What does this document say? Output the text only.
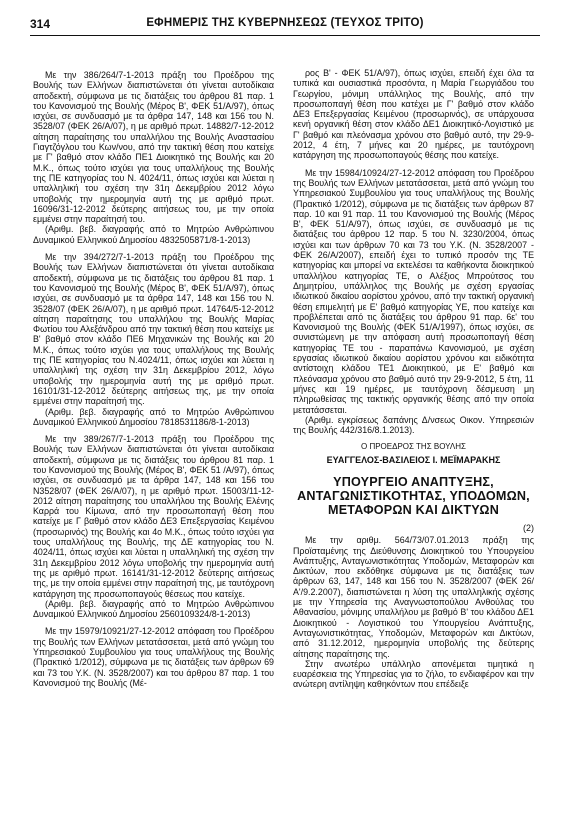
314	ΕΦΗΜΕΡΙΣ ΤΗΣ ΚΥΒΕΡΝΗΣΕΩΣ (ΤΕΥΧΟΣ ΤΡΙΤΟ)

Με την 386/264/7-1-2013 πράξη του Προέδρου της Βουλής των Ελλήνων διαπιστώνεται ότι γίνεται αυτοδίκαια αποδεκτή, σύμφωνα με τις διατάξεις του άρθρου 81 παρ. 1 του Κανονισμού της Βουλής (Μέρος Β', ΦΕΚ 51/Α/97), όπως ισχύει, σε συνδυασμό με τα άρθρα 147, 148 και 156 του Ν. 3528/07 (ΦΕΚ 26/Α/07), η με αριθμό πρωτ. 14882/7-12-2012 αίτηση παραίτησης του υπαλλήλου της Βουλής Αναστασίου Γιαγτζόγλου του Κων/νου, από την τακτική θέση που κατείχε με Γ' βαθμό στον κλάδο ΠΕ1 Διοικητικό της Βουλής και 20 Μ.Κ., όπως τούτο ισχύει για τους υπαλλήλους της Βουλής της ΠΕ κατηγορίας του Ν. 4024/11, όπως ισχύει και λύεται η υπαλληλική του σχέση την 31η Δεκεμβρίου 2012 λόγω υποβολής την ημερομηνία αυτή της με αριθμό πρωτ. 16096/31-12-2012 δεύτερης αιτήσεως του, με την οποία εμμένει στην παραίτησή του.

(Αριθμ. βεβ. διαγραφής από το Μητρώο Ανθρώπινου Δυναμικού Ελληνικού Δημοσίου 4832505871/8-1-2013)

Με την 394/272/7-1-2013 πράξη του Προέδρου της Βουλής των Ελλήνων διαπιστώνεται ότι γίνεται αυτοδίκαια αποδεκτή, σύμφωνα με τις διατάξεις του άρθρου 81 παρ. 1 του Κανονισμού της Βουλής (Μέρος Β', ΦΕΚ 51/Α/97), όπως ισχύει, σε συνδυασμό με τα άρθρα 147, 148 και 156 του Ν. 3528/07 (ΦΕΚ 26/Α/07), η με αριθμό πρωτ. 14764/5-12-2012 αίτηση παραίτησης του υπαλλήλου της Βουλής Μαρίας Φωτίου του Αλεξάνδρου από την τακτική θέση που κατείχε με Β' βαθμό στον κλάδο ΠΕ6 Μηχανικών της Βουλής και 20 Μ.Κ., όπως τούτο ισχύει για τους υπαλλήλους της Βουλής της ΠΕ κατηγορίας του Ν.4024/11, όπως ισχύει και λύεται η υπαλληλική της σχέση την 31η Δεκεμβρίου 2012, λόγω υποβολής την ημερομηνία αυτή της με αριθμό πρωτ. 16101/31-12-2012 δεύτερης αιτήσεως της, με την οποία εμμένει στην παραίτησή της.

(Αριθμ. βεβ. διαγραφής από το Μητρώο Ανθρώπινου Δυναμικού Ελληνικού Δημοσίου 7818531186/8-1-2013)

Με την 389/267/7-1-2013 πράξη του Προέδρου της Βουλής των Ελλήνων διαπιστώνεται ότι γίνεται αυτοδίκαια αποδεκτή, σύμφωνα με τις διατάξεις του άρθρου 81 παρ. 1 του Κανονισμού της Βουλής (Μέρος Β', ΦΕΚ 51 /Α/97), όπως ισχύει, σε συνδυασμό με τα άρθρα 147, 148 και 156 του Ν3528/07 (ΦΕΚ 26/Α/07), η με αριθμό πρωτ. 15003/11-12-2012 αίτηση παραίτησης του υπαλλήλου της Βουλής Ελένης Καρρά του Κίμωνα, από την προσωποπαγή θέση που κατείχε με Γ βαθμό στον κλάδο ΔΕ3 Επεξεργασίας Κειμένου (προσωρινός) της Βουλής και 4ο Μ.Κ., όπως τούτο ισχύει για τους υπαλλήλους της Βουλής, της ΔΕ κατηγορίας του Ν. 4024/11, όπως ισχύει και λύεται η υπαλληλική της σχέση την 31η Δεκεμβρίου 2012 λόγω υποβολής την ημερομηνία αυτή της με αριθμό πρωτ. 16141/31-12-2012 δεύτερης αιτήσεως της, με την οποία εμμένει στην παραίτησή της, με ταυτόχρονη κατάργηση της προσωποπαγούς θέσεως που κατείχε.

(Αριθμ. βεβ. διαγραφής από το Μητρώο Ανθρώπινου Δυναμικού Ελληνικού Δημοσίου 2560109324/8-1-2013)

Με την 15979/10921/27-12-2012 απόφαση του Προέδρου της Βουλής των Ελλήνων μετατάσσεται, μετά από γνώμη του Υπηρεσιακού Συμβουλίου για τους υπαλλήλους της Βουλής (Πρακτικό 1/2012), σύμφωνα με τις διατάξεις των άρθρων 69 και 73 του Υ.Κ. (Ν. 3528/2007) και του άρθρου 87 παρ. 1 του Κανονισμού της Βουλής (Μέ-

ρος Β' - ΦΕΚ 51/Α/97), όπως ισχύει, επειδή έχει όλα τα τυπικά και ουσιαστικά προσόντα, η Μαρία Γεωργιάδου του Γεωργίου, μόνιμη υπάλληλος της Βουλής, από την προσωποπαγή θέση που κατέχει με Γ' βαθμό στον κλάδο ΔΕ3 Επεξεργασίας Κειμένου (προσωρινός), σε υπάρχουσα κενή οργανική θέση στον κλάδο ΔΕ1 Διοικητικό-Λογιστικό με Γ' βαθμό και πλεόνασμα χρόνου στο βαθμό αυτό, την 29-9-2012, 4 έτη, 7 μήνες και 20 ημέρες, με ταυτόχρονη κατάργηση της προσωποπαγούς θέσης που κατείχε.

Με την 15984/10924/27-12-2012 απόφαση του Προέδρου της Βουλής των Ελλήνων μετατάσσεται, μετά από γνώμη του Υπηρεσιακού Συμβουλίου για τους υπαλλήλους της Βουλής (Πρακτικό 1/2012), σύμφωνα με τις διατάξεις των άρθρων 87 παρ. 10 και 91 παρ. 11 του Κανονισμού της Βουλής (Μέρος Β', ΦΕΚ 51/Α/97), όπως ισχύει, σε συνδυασμό με τις διατάξεις του άρθρου 12 παρ. 5 του Ν. 3230/2004, όπως ισχύει και των άρθρων 70 και 73 του Υ.Κ. (Ν. 3528/2007 - ΦΕΚ 26/Α/2007), επειδή έχει το τυπικό προσόν της ΤΕ κατηγορίας και μπορεί να εκτελέσει τα καθήκοντα διοικητικού υπαλλήλου κατηγορίας ΤΕ, ο Αλέξιος Μπρούτσος του Δημητρίου, υπάλληλος της Βουλής με σχέση εργασίας ιδιωτικού δικαίου αορίστου χρόνου, από την τακτική οργανική θέση επιμελητή με Ε' βαθμό κατηγορίας ΥΕ, που κατείχε και προβλέπεται από τις διατάξεις του άρθρου 91 παρ. 6ε' του Κανονισμού της Βουλής (ΦΕΚ 51/Α/1997), όπως ισχύει, σε συνιστώμενη με την απόφαση αυτή προσωποπαγή θέση κατηγορίας ΤΕ του - παραπάνω Κανονισμού, με σχέση εργασίας ιδιωτικού δικαίου αορίστου χρόνου και ειδικότητα αντίστοιχη κλάδου ΤΕ1 Διοικητικού, με Ε' βαθμό και πλεόνασμα χρόνου στο βαθμό αυτό την 29-9-2012, 5 έτη, 11 μήνες και 19 ημέρες, με ταυτόχρονη δέσμευση μη πληρωθείσας της τακτικής οργανικής θέσης από την οποία μετατάσσεται.

(Αριθμ. εγκρίσεως δαπάνης Δ/νσεως Οικον. Υπηρεσιών της Βουλής 442/316/8.1.2013).

Ο ΠΡΟΕΔΡΟΣ ΤΗΣ ΒΟΥΛΗΣ
ΕΥΑΓΓΕΛΟΣ-ΒΑΣΙΛΕΙΟΣ Ι. ΜΕΪΜΑΡΑΚΗΣ
ΥΠΟΥΡΓΕΙΟ ΑΝΑΠΤΥΞΗΣ,
ΑΝΤΑΓΩΝΙΣΤΙΚΟΤΗΤΑΣ, ΥΠΟΔΟΜΩΝ,
ΜΕΤΑΦΟΡΩΝ ΚΑΙ ΔΙΚΤΥΩΝ
(2)

Με την αριθμ. 564/73/07.01.2013 πράξη της Προϊσταμένης της Διεύθυνσης Διοικητικού του Υπουργείου Ανάπτυξης, Ανταγωνιστικότητας Υποδομών, Μεταφορών και Δικτύων, που εκδόθηκε σύμφωνα με τις διατάξεις των άρθρων 63, 147, 148 και 156 του Ν. 3528/2007 (ΦΕΚ 26/Α'/9.2.2007), διαπιστώνεται η λύση της υπαλληλικής σχέσης με την Υπηρεσία της Αναγνωστοπούλου Ανθούλας του Αθανασίου, μόνιμης υπαλλήλου με βαθμό Β' του κλάδου ΔΕ1 Διοικητικού - Λογιστικού του Υπουργείου Ανάπτυξης, Ανταγωνιστικότητας, Υποδομών, Μεταφορών και Δικτύων, από 31.12.2012, ημερομηνία υποβολής της δεύτερης αίτησης παραίτησης της.

Στην ανωτέρω υπάλληλο απονέμεται τιμητικά η ευαρέσκεια της Υπηρεσίας για το ζήλο, το ενδιαφέρον και την ανώτερη αντίληψη καθηκόντων που επέδειξε
